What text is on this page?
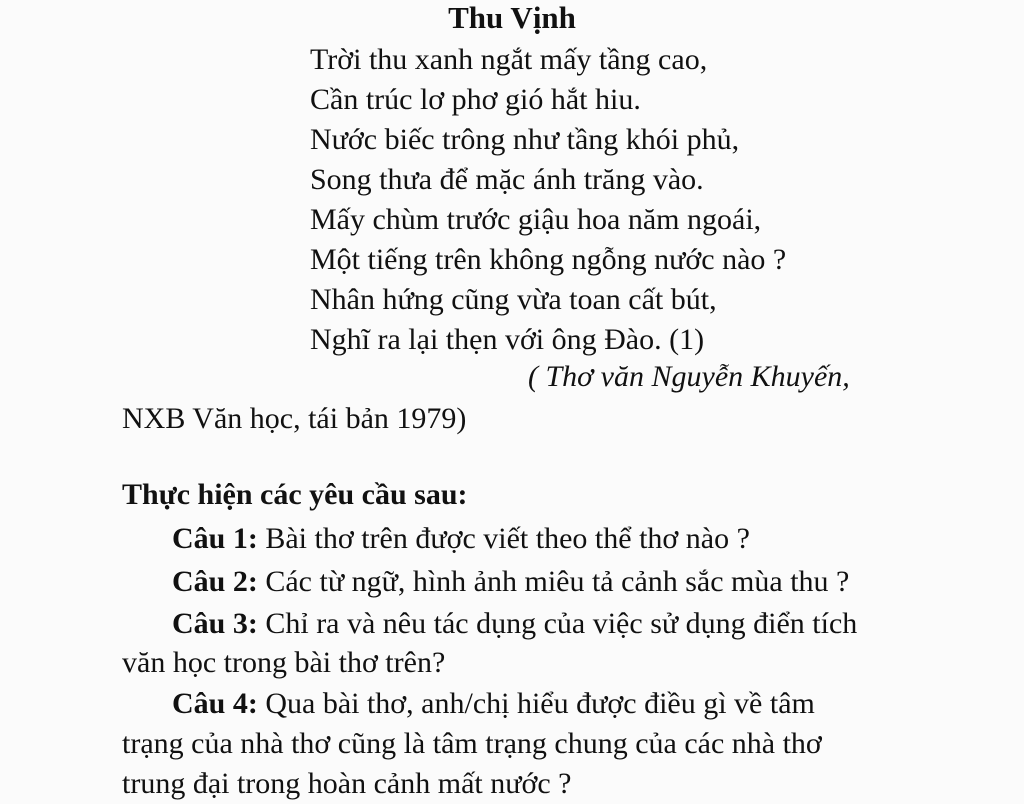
Thu Vịnh
Trời thu xanh ngắt mấy tầng cao,
Cần trúc lơ phơ gió hắt hiu.
Nước biếc trông như tầng khói phủ,
Song thưa để mặc ánh trăng vào.
Mấy chùm trước giậu hoa năm ngoái,
Một tiếng trên không ngỗng nước nào ?
Nhân hứng cũng vừa toan cất bút,
Nghĩ ra lại thẹn với ông Đào. (1)
( Thơ văn Nguyễn Khuyến,
NXB Văn học, tái bản 1979)
Thực hiện các yêu cầu sau:
Câu 1: Bài thơ trên được viết theo thể thơ nào ?
Câu 2: Các từ ngữ, hình ảnh miêu tả cảnh sắc mùa thu ?
Câu 3: Chỉ ra và nêu tác dụng của việc sử dụng điển tích
văn học trong bài thơ trên?
Câu 4: Qua bài thơ, anh/chị hiểu được điều gì về tâm
trạng của nhà thơ cũng là tâm trạng chung của các nhà thơ
trung đại trong hoàn cảnh mất nước ?
